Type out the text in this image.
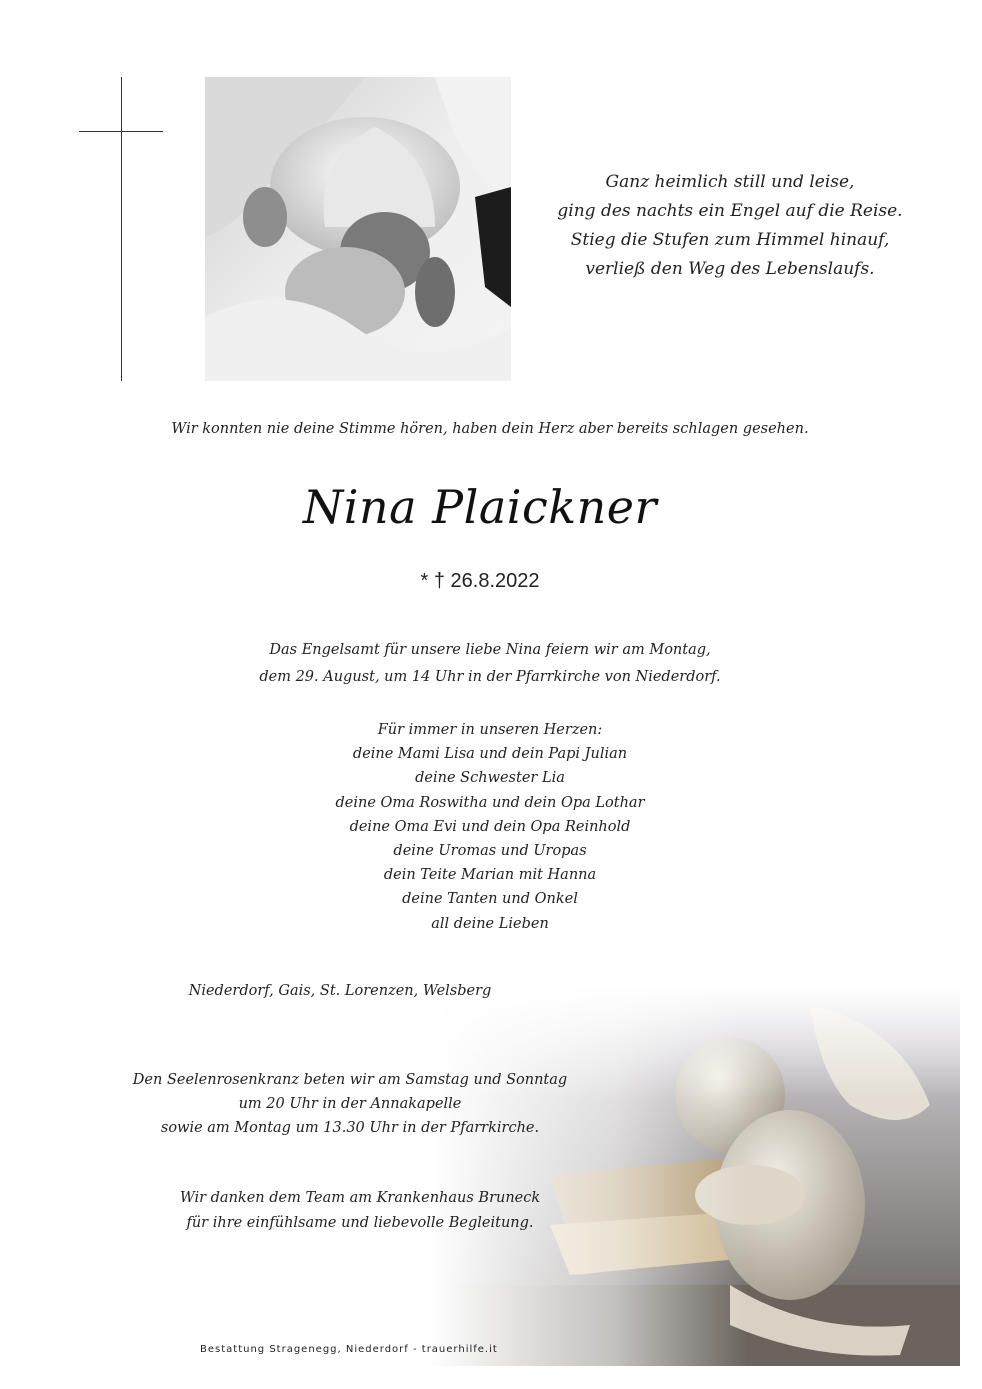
Ganz heimlich still und leise,
ging des nachts ein Engel auf die Reise.
Stieg die Stufen zum Himmel hinauf,
verließ den Weg des Lebenslaufs.
Wir konnten nie deine Stimme hören, haben dein Herz aber bereits schlagen gesehen.
Nina Plaickner
* † 26.8.2022
Das Engelsamt für unsere liebe Nina feiern wir am Montag,
dem 29. August, um 14 Uhr in der Pfarrkirche von Niederdorf.
Für immer in unseren Herzen:
deine Mami Lisa und dein Papi Julian
deine Schwester Lia
deine Oma Roswitha und dein Opa Lothar
deine Oma Evi und dein Opa Reinhold
deine Uromas und Uropas
dein Teite Marian mit Hanna
deine Tanten und Onkel
all deine Lieben
Niederdorf, Gais, St. Lorenzen, Welsberg
Den Seelenrosenkranz beten wir am Samstag und Sonntag
um 20 Uhr in der Annakapelle
sowie am Montag um 13.30 Uhr in der Pfarrkirche.
Wir danken dem Team am Krankenhaus Bruneck
für ihre einfühlsame und liebevolle Begleitung.
Bestattung Stragenegg, Niederdorf - trauerhilfe.it
